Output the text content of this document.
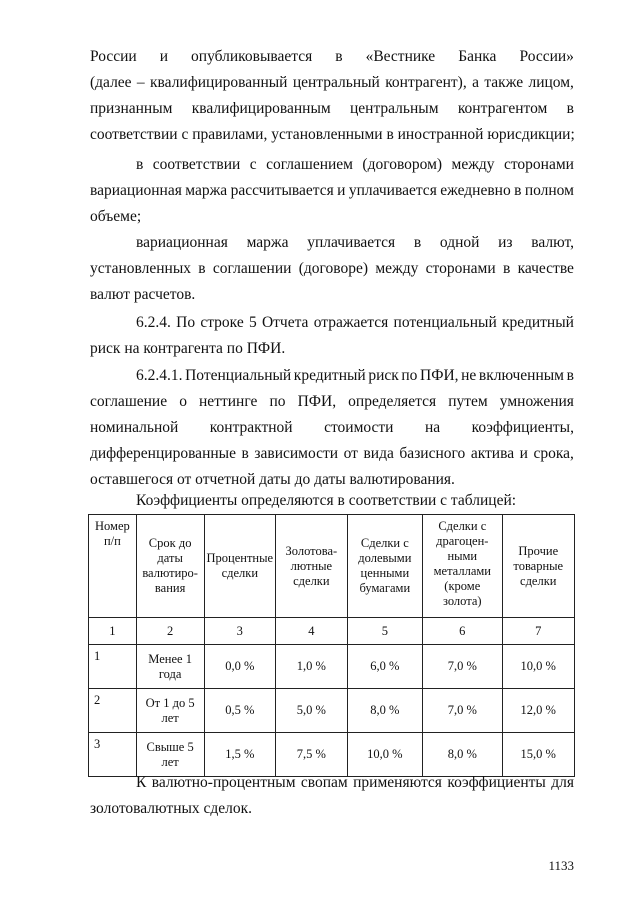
России и опубликовывается в «Вестнике Банка России»
(далее – квалифицированный центральный контрагент), а также лицом,
признанным квалифицированным центральным контрагентом в
соответствии с правилами, установленными в иностранной юрисдикции;
в соответствии с соглашением (договором) между сторонами
вариационная маржа рассчитывается и уплачивается ежедневно в полном
объеме;
вариационная маржа уплачивается в одной из валют,
установленных в соглашении (договоре) между сторонами в качестве
валют расчетов.
6.2.4. По строке 5 Отчета отражается потенциальный кредитный
риск на контрагента по ПФИ.
6.2.4.1. Потенциальный кредитный риск по ПФИ, не включенным в
соглашение о неттинге по ПФИ, определяется путем умножения
номинальной контрактной стоимости на коэффициенты,
дифференцированные в зависимости от вида базисного актива и срока,
оставшегося от отчетной даты до даты валютирования.
Коэффициенты определяются в соответствии с таблицей:
Номер п/п	Срок до даты валютиро-вания	Процентные сделки	Золотова-лютные сделки	Сделки с долевыми ценными бумагами	Сделки с драгоцен-ными металлами (кроме золота)	Прочие товарные сделки
1	2	3	4	5	6	7
1	Менее 1 года	0,0 %	1,0 %	6,0 %	7,0 %	10,0 %
2	От 1 до 5 лет	0,5 %	5,0 %	8,0 %	7,0 %	12,0 %
3	Свыше 5 лет	1,5 %	7,5 %	10,0 %	8,0 %	15,0 %
К валютно-процентным свопам применяются коэффициенты для
золотовалютных сделок.
1133
